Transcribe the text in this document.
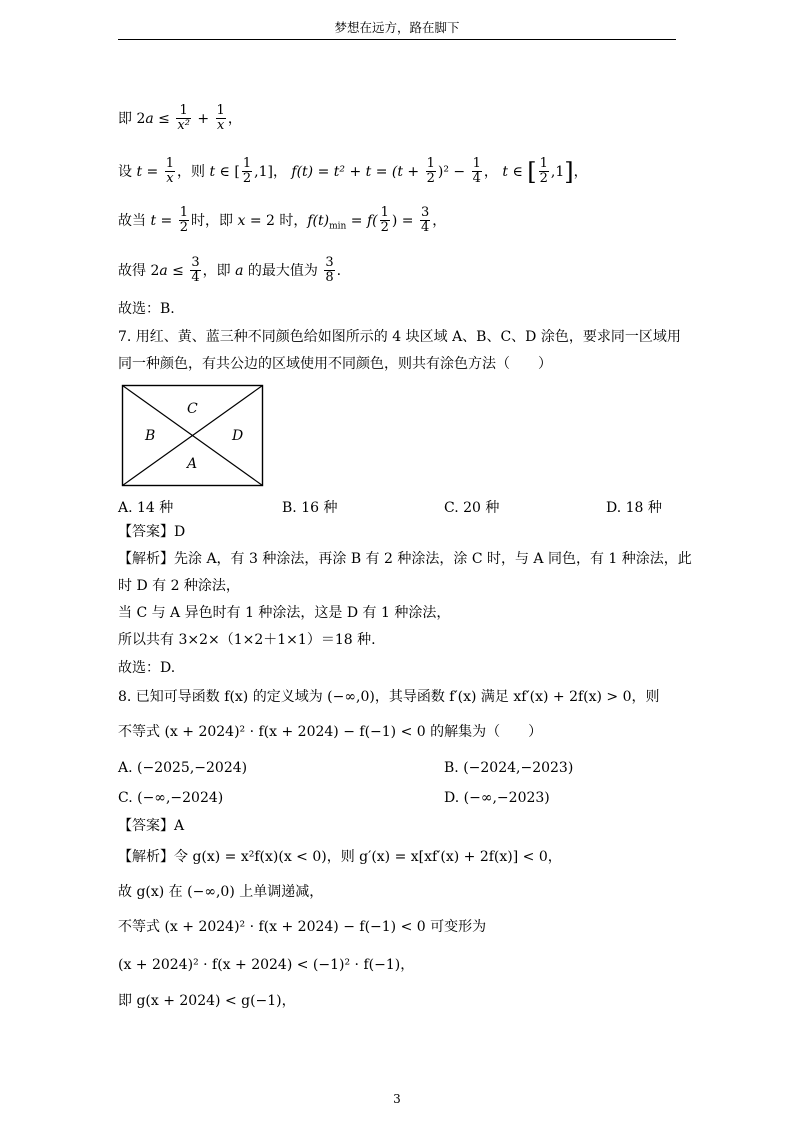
梦想在远方，路在脚下
即 $2a \le \frac{1}{\text{x²}} + \frac{1}{x}$ ，
设 $t = \frac{1}{x}$ ，则 t ∈ [ $\frac{1}{2} ,1$]， $f(t) = t^2 + t = (t + \frac{1}{2} )^2 - \frac{1}{4}$ ， t ∈ [ $\frac{1}{2} ,1$]，
故当 $t = \frac{1}{2}$ 时，即 x = 2 时，$f(t)_{min} = f( \frac{1}{2}$ ) = $\frac{3}{4}$ ，
故得 $2a \le \frac{3}{4}$ ，即 a 的最大值为 $\frac{3}{8}$ .
故选：B.
7. 用红、黄、蓝三种不同颜色给如图所示的 4 块区域 A、B、C、D 涂色，要求同一区域用
同一种颜色，有共公边的区域使用不同颜色，则共有涂色方法（　　）
C
B	D
A
A. 14 种	B. 16 种	C. 20 种	D. 18 种
【答案】D
【解析】先涂 A，有 3 种涂法，再涂 B 有 2 种涂法，涂 C 时，与 A 同色，有 1 种涂法，此
时 D 有 2 种涂法，
当 C 与 A 异色时有 1 种涂法，这是 D 有 1 种涂法，
所以共有 3×2×（1×2＋1×1）＝18 种.
故选：D.
8. 已知可导函数 f(x) 的定义域为 (−∞,0)，其导函数 f′(x) 满足 xf′(x) + 2f(x) > 0，则
不等式 (x + 2024)² · f(x + 2024) − f(−1) < 0 的解集为（　　）
A. (−2025,−2024)	B. (−2024,−2023)
C. (−∞,−2024)	D. (−∞,−2023)
【答案】A
【解析】令 g(x) = x²f(x)(x < 0)，则 g′(x) = x[xf′(x) + 2f(x)] < 0，
故 g(x) 在 (−∞,0) 上单调递减，
不等式 (x + 2024)² · f(x + 2024) − f(−1) < 0 可变形为
(x + 2024)² · f(x + 2024) < (−1)² · f(−1)，
即 g(x + 2024) < g(−1)，
3
